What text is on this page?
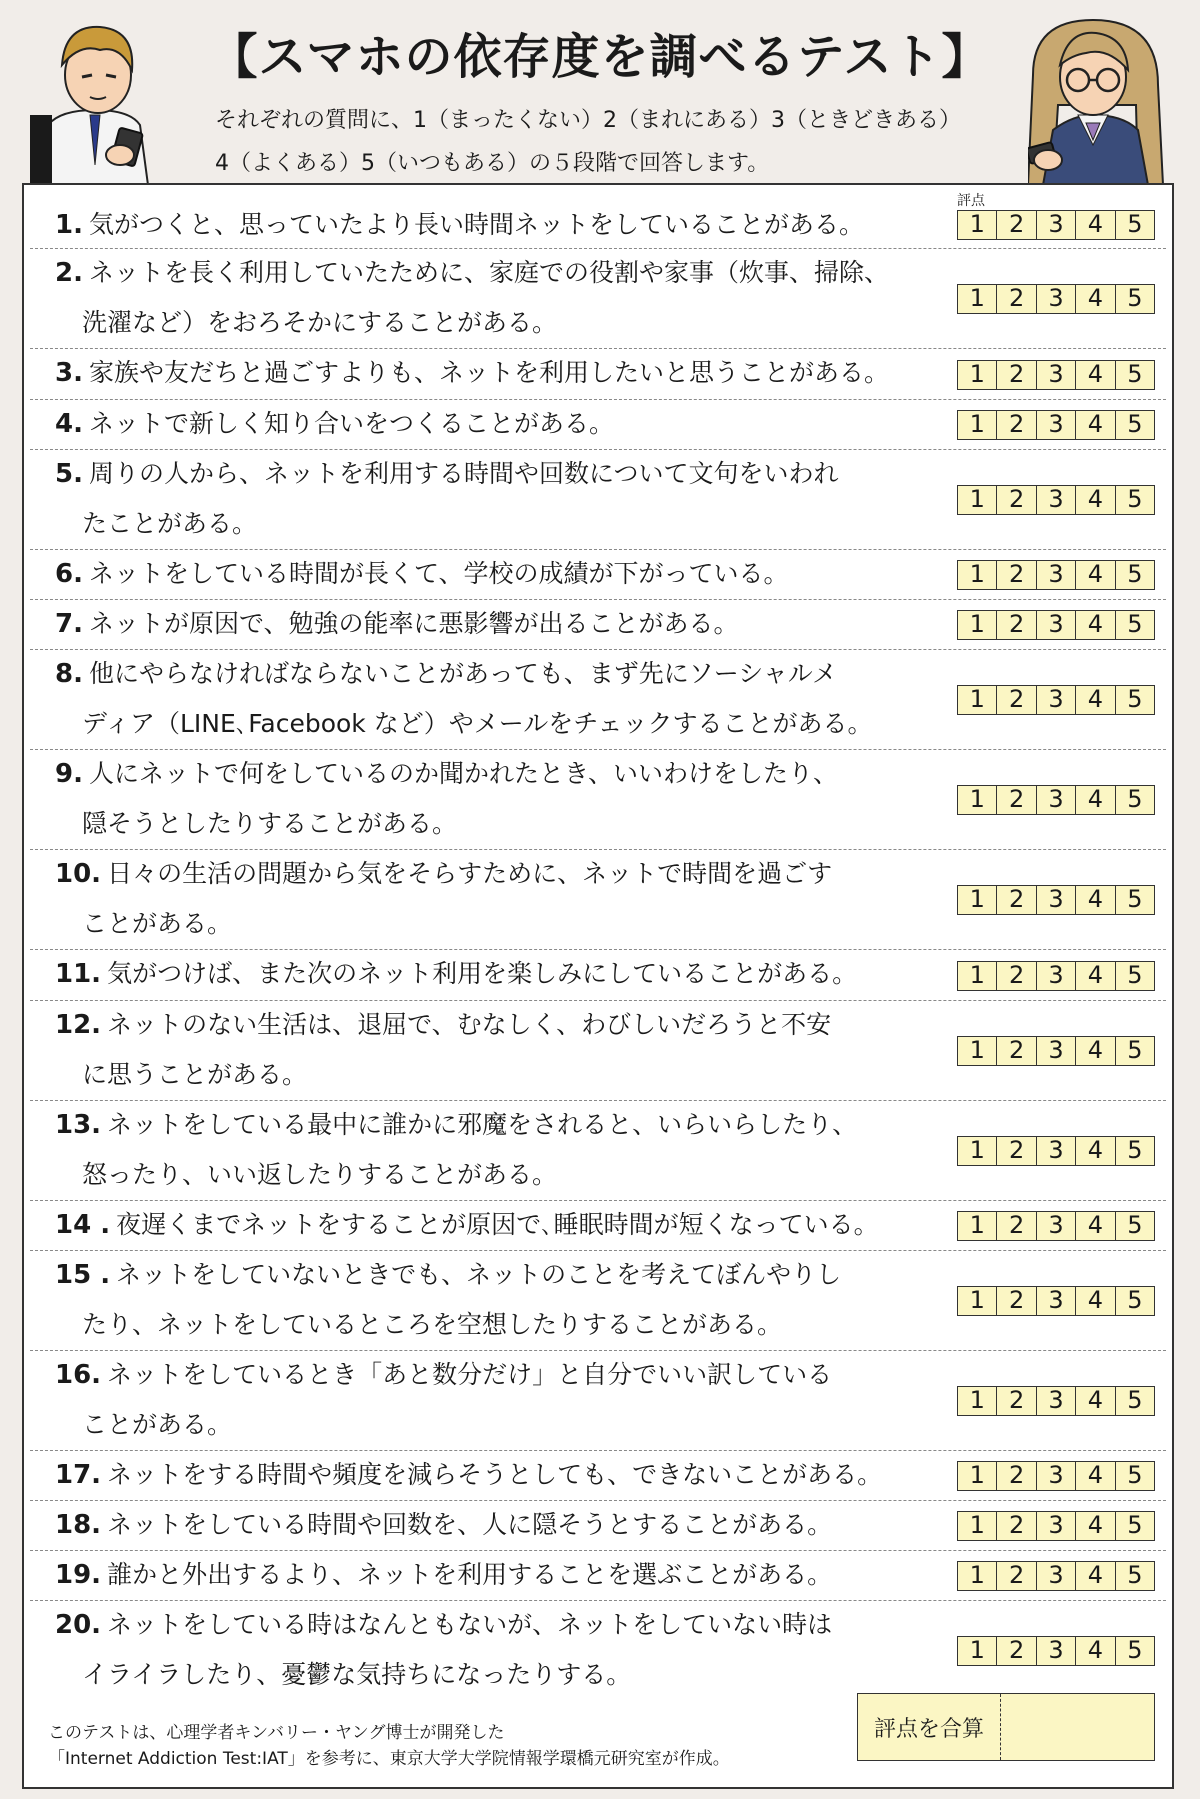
【スマホの依存度を調べるテスト】
それぞれの質問に、1（まったくない）2（まれにある）3（ときどきある）
4（よくある）5（いつもある）の５段階で回答します。
評点
1. 気がつくと、思っていたより長い時間ネットをしていることがある。	1	2	3	4	5
2. ネットを長く利用していたために、家庭での役割や家事（炊事、掃除、
洗濯など）をおろそかにすることがある。
1	2	3	4	5
3. 家族や友だちと過ごすよりも、ネットを利用したいと思うことがある。	1	2	3	4	5
4. ネットで新しく知り合いをつくることがある。	1	2	3	4	5
5. 周りの人から、ネットを利用する時間や回数について文句をいわれ
たことがある。
1	2	3	4	5
6. ネットをしている時間が長くて、学校の成績が下がっている。	1	2	3	4	5
7. ネットが原因で、勉強の能率に悪影響が出ることがある。	1	2	3	4	5
8. 他にやらなければならないことがあっても、まず先にソーシャルメ
ディア（LINE､Facebook など）やメールをチェックすることがある。
1	2	3	4	5
9. 人にネットで何をしているのか聞かれたとき、いいわけをしたり、
隠そうとしたりすることがある。
1	2	3	4	5
10. 日々の生活の問題から気をそらすために、ネットで時間を過ごす
ことがある。
1	2	3	4	5
11. 気がつけば、また次のネット利用を楽しみにしていることがある。	1	2	3	4	5
12. ネットのない生活は、退屈で、むなしく、わびしいだろうと不安
に思うことがある。
1	2	3	4	5
13. ネットをしている最中に誰かに邪魔をされると、いらいらしたり、
怒ったり、いい返したりすることがある。
1	2	3	4	5
14 . 夜遅くまでネットをすることが原因で､睡眠時間が短くなっている。	1	2	3	4	5
15 . ネットをしていないときでも、ネットのことを考えてぼんやりし
たり、ネットをしているところを空想したりすることがある。
1	2	3	4	5
16. ネットをしているとき「あと数分だけ」と自分でいい訳している
ことがある。
1	2	3	4	5
17. ネットをする時間や頻度を減らそうとしても、できないことがある。	1	2	3	4	5
18. ネットをしている時間や回数を、人に隠そうとすることがある。	1	2	3	4	5
19. 誰かと外出するより、ネットを利用することを選ぶことがある。	1	2	3	4	5
20. ネットをしている時はなんともないが、ネットをしていない時は
イライラしたり、憂鬱な気持ちになったりする。
1	2	3	4	5
このテストは、心理学者キンバリー・ヤング博士が開発した
「Internet Addiction Test:IAT」を参考に、東京大学大学院情報学環橋元研究室が作成。
評点を合算
